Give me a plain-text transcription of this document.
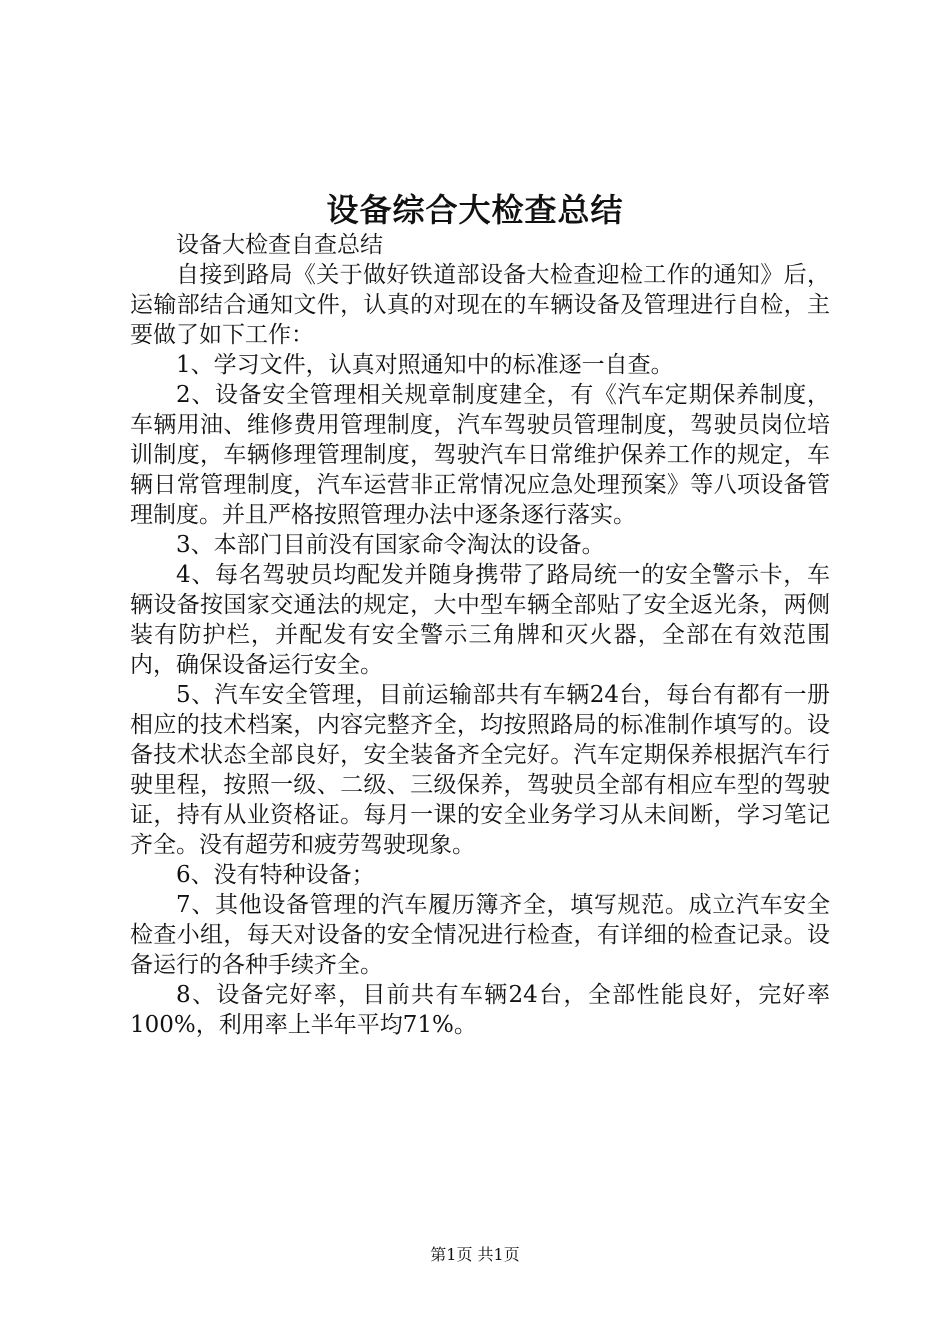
设备综合大检查总结

设备大检查自查总结

自接到路局《关于做好铁道部设备大检查迎检工作的通知》后，运输部结合通知文件，认真的对现在的车辆设备及管理进行自检，主要做了如下工作：

1、学习文件，认真对照通知中的标准逐一自查。

2、设备安全管理相关规章制度建全，有《汽车定期保养制度，车辆用油、维修费用管理制度，汽车驾驶员管理制度，驾驶员岗位培训制度，车辆修理管理制度，驾驶汽车日常维护保养工作的规定，车辆日常管理制度，汽车运营非正常情况应急处理预案》等八项设备管理制度。并且严格按照管理办法中逐条逐行落实。

3、本部门目前没有国家命令淘汰的设备。

4、每名驾驶员均配发并随身携带了路局统一的安全警示卡，车辆设备按国家交通法的规定，大中型车辆全部贴了安全返光条，两侧装有防护栏，并配发有安全警示三角牌和灭火器，全部在有效范围内，确保设备运行安全。

5、汽车安全管理，目前运输部共有车辆24台，每台有都有一册相应的技术档案，内容完整齐全，均按照路局的标准制作填写的。设备技术状态全部良好，安全装备齐全完好。汽车定期保养根据汽车行驶里程，按照一级、二级、三级保养，驾驶员全部有相应车型的驾驶证，持有从业资格证。每月一课的安全业务学习从未间断，学习笔记齐全。没有超劳和疲劳驾驶现象。

6、没有特种设备；

7、其他设备管理的汽车履历簿齐全，填写规范。成立汽车安全检查小组，每天对设备的安全情况进行检查，有详细的检查记录。设备运行的各种手续齐全。

8、设备完好率，目前共有车辆24台，全部性能良好，完好率100%，利用率上半年平均71%。

第1页 共1页
